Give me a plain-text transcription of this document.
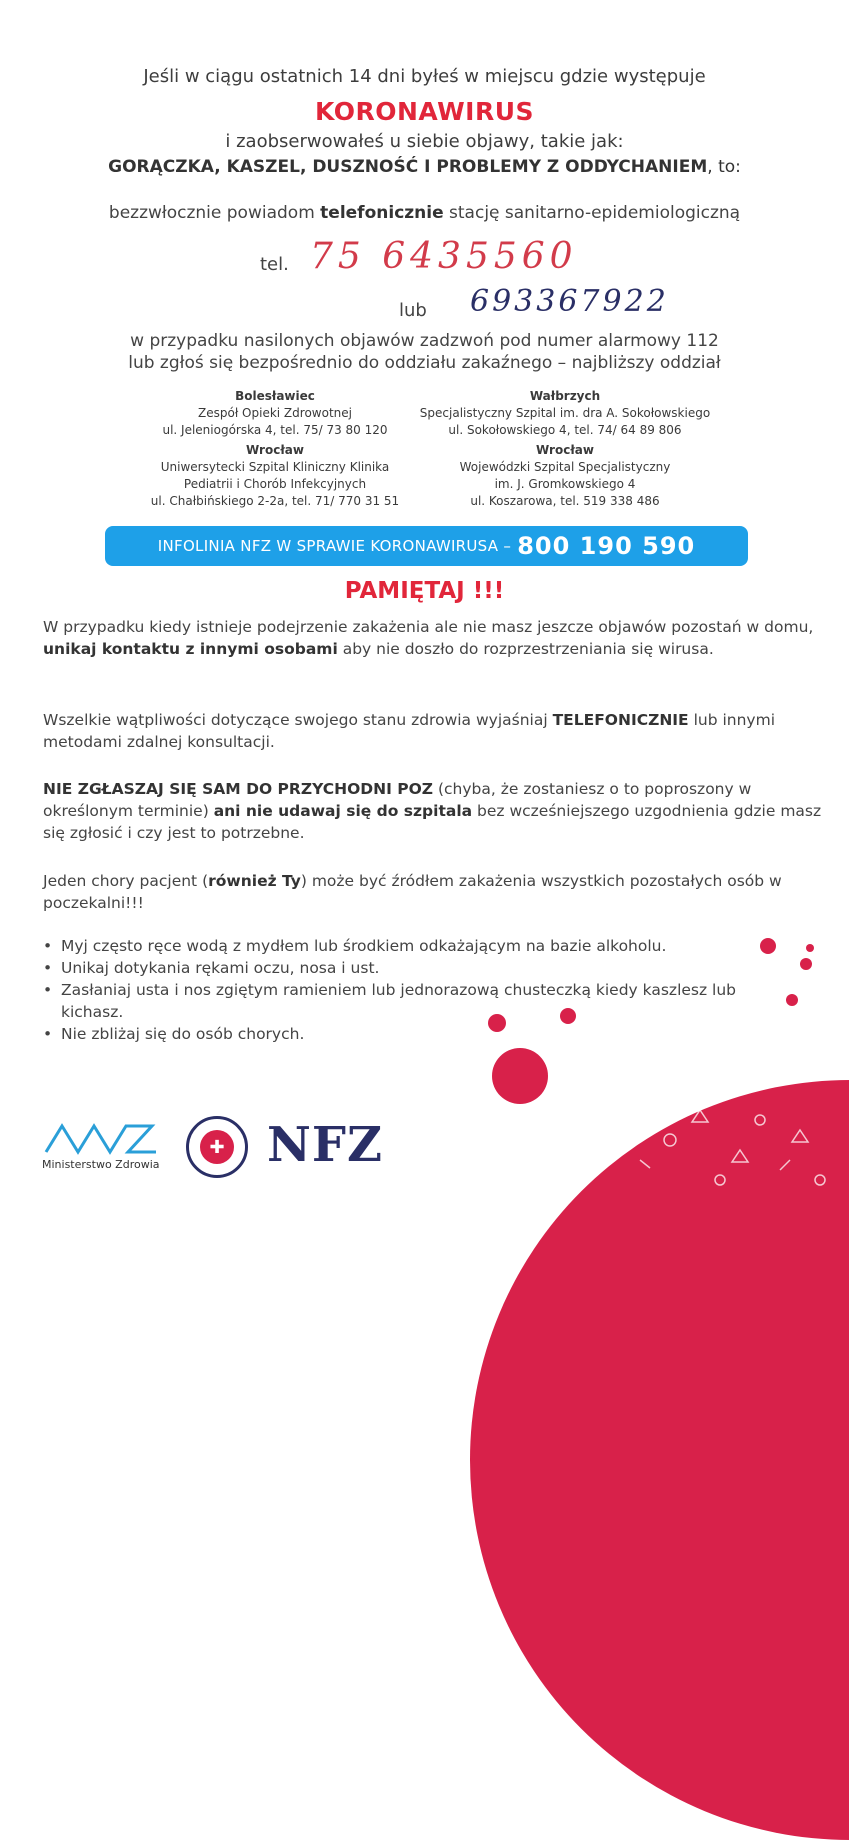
Jeśli w ciągu ostatnich 14 dni byłeś w miejscu gdzie występuje
KORONAWIRUS
i zaobserwowałeś u siebie objawy, takie jak:
GORĄCZKA, KASZEL, DUSZNOŚĆ I PROBLEMY Z ODDYCHANIEM, to:
bezzwłocznie powiadom telefonicznie stację sanitarno-epidemiologiczną
tel. 75 6435560
lub 693367922
w przypadku nasilonych objawów zadzwoń pod numer alarmowy 112
lub zgłoś się bezpośrednio do oddziału zakaźnego – najbliższy oddział
Bolesławiec
Zespół Opieki Zdrowotnej
ul. Jeleniogórska 4, tel. 75/ 73 80 120
Wałbrzych
Specjalistyczny Szpital im. dra A. Sokołowskiego
ul. Sokołowskiego 4, tel. 74/ 64 89 806
Wrocław
Uniwersytecki Szpital Kliniczny Klinika
Pediatrii i Chorób Infekcyjnych
ul. Chałbińskiego 2-2a, tel. 71/ 770 31 51
Wrocław
Wojewódzki Szpital Specjalistyczny
im. J. Gromkowskiego 4
ul. Koszarowa, tel. 519 338 486
INFOLINIA NFZ W SPRAWIE KORONAWIRUSA – 800 190 590
PAMIĘTAJ !!!
W przypadku kiedy istnieje podejrzenie zakażenia ale nie masz jeszcze objawów pozostań w domu, unikaj kontaktu z innymi osobami aby nie doszło do rozprzestrzeniania się wirusa.
Wszelkie wątpliwości dotyczące swojego stanu zdrowia wyjaśniaj TELEFONICZNIE lub innymi metodami zdalnej konsultacji.
NIE ZGŁASZAJ SIĘ SAM DO PRZYCHODNI POZ (chyba, że zostaniesz o to poproszony w określonym terminie) ani nie udawaj się do szpitala bez wcześniejszego uzgodnienia gdzie masz się zgłosić i czy jest to potrzebne.
Jeden chory pacjent (również Ty) może być źródłem zakażenia wszystkich pozostałych osób w poczekalni!!!
• Myj często ręce wodą z mydłem lub środkiem odkażającym na bazie alkoholu.
• Unikaj dotykania rękami oczu, nosa i ust.
• Zasłaniaj usta i nos zgiętym ramieniem lub jednorazową chusteczką kiedy kaszlesz lub kichasz.
• Nie zbliżaj się do osób chorych.
Ministerstwo Zdrowia
✚ NFZ
